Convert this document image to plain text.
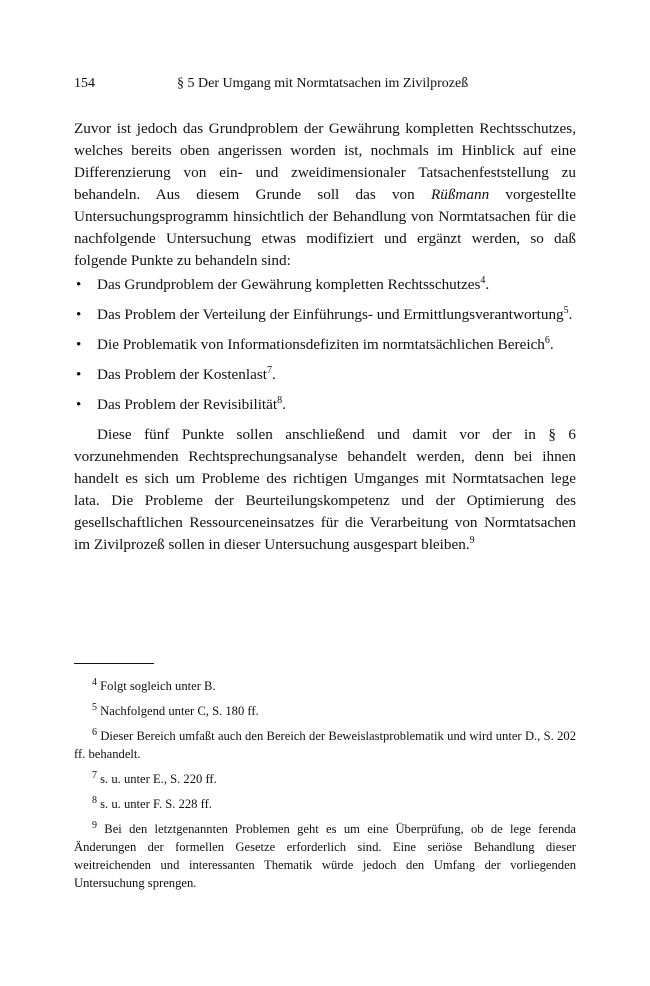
154	§ 5 Der Umgang mit Normtatsachen im Zivilprozeß

Zuvor ist jedoch das Grundproblem der Gewährung kompletten Rechtsschutzes, welches bereits oben angerissen worden ist, nochmals im Hinblick auf eine Differenzierung von ein- und zweidimensionaler Tatsachenfeststellung zu behandeln. Aus diesem Grunde soll das von Rüßmann vorgestellte Untersuchungsprogramm hinsichtlich der Behandlung von Normtatsachen für die nachfolgende Untersuchung etwas modifiziert und ergänzt werden, so daß folgende Punkte zu behandeln sind:

• Das Grundproblem der Gewährung kompletten Rechtsschutzes$^4$.
• Das Problem der Verteilung der Einführungs- und Ermittlungsverantwortung$^5$.
• Die Problematik von Informationsdefiziten im normtatsächlichen Bereich$^6$.
• Das Problem der Kostenlast$^7$.
• Das Problem der Revisibilität$^8$.

Diese fünf Punkte sollen anschließend und damit vor der in § 6 vorzunehmenden Rechtsprechungsanalyse behandelt werden, denn bei ihnen handelt es sich um Probleme des richtigen Umganges mit Normtatsachen lege lata. Die Probleme der Beurteilungskompetenz und der Optimierung des gesellschaftlichen Ressourceneinsatzes für die Verarbeitung von Normtatsachen im Zivilprozeß sollen in dieser Untersuchung ausgespart bleiben.$^9$

$^4$ Folgt sogleich unter B.

$^5$ Nachfolgend unter C, S. 180 ff.

$^6$ Dieser Bereich umfaßt auch den Bereich der Beweislastproblematik und wird unter D., S. 202 ff. behandelt.

$^7$ s. u. unter E., S. 220 ff.

$^8$ s. u. unter F. S. 228 ff.

$^9$ Bei den letztgenannten Problemen geht es um eine Überprüfung, ob de lege ferenda Änderungen der formellen Gesetze erforderlich sind. Eine seriöse Behandlung dieser weitreichenden und interessanten Thematik würde jedoch den Umfang der vorliegenden Untersuchung sprengen.
